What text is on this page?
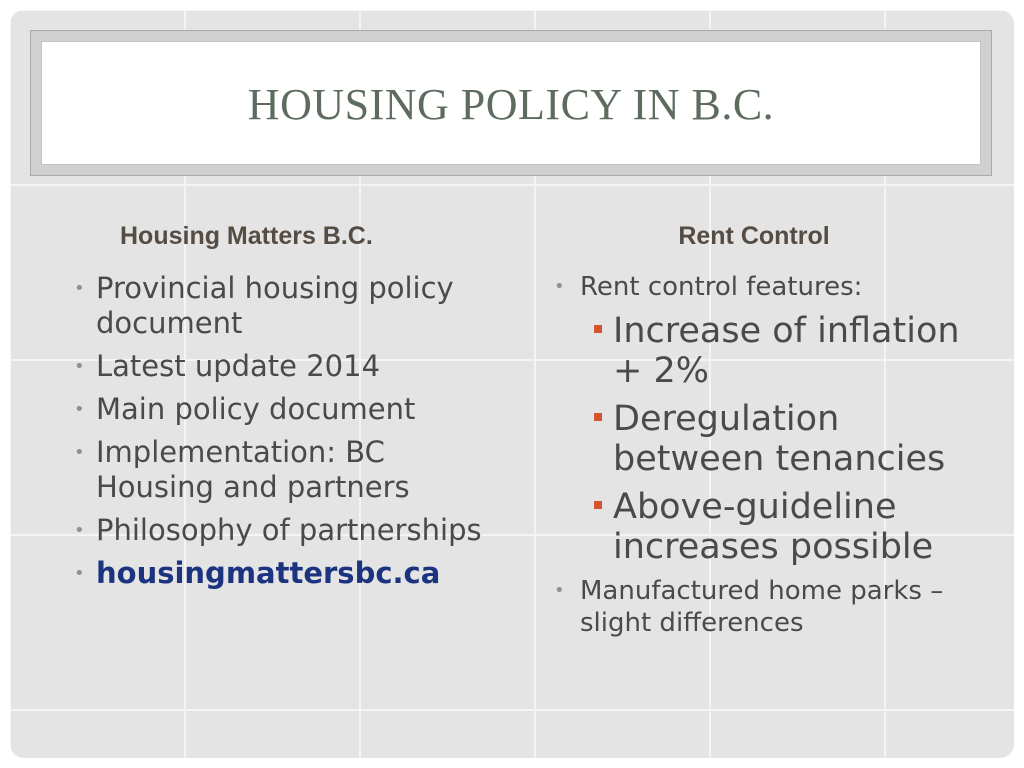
HOUSING POLICY IN B.C.
Housing Matters B.C.
• Provincial housing policy document
• Latest update 2014
• Main policy document
• Implementation: BC Housing and partners
• Philosophy of partnerships
• housingmattersbc.ca
Rent Control
• Rent control features:
Increase of inflation + 2%
Deregulation between tenancies
Above-guideline increases possible
• Manufactured home parks – slight differences
